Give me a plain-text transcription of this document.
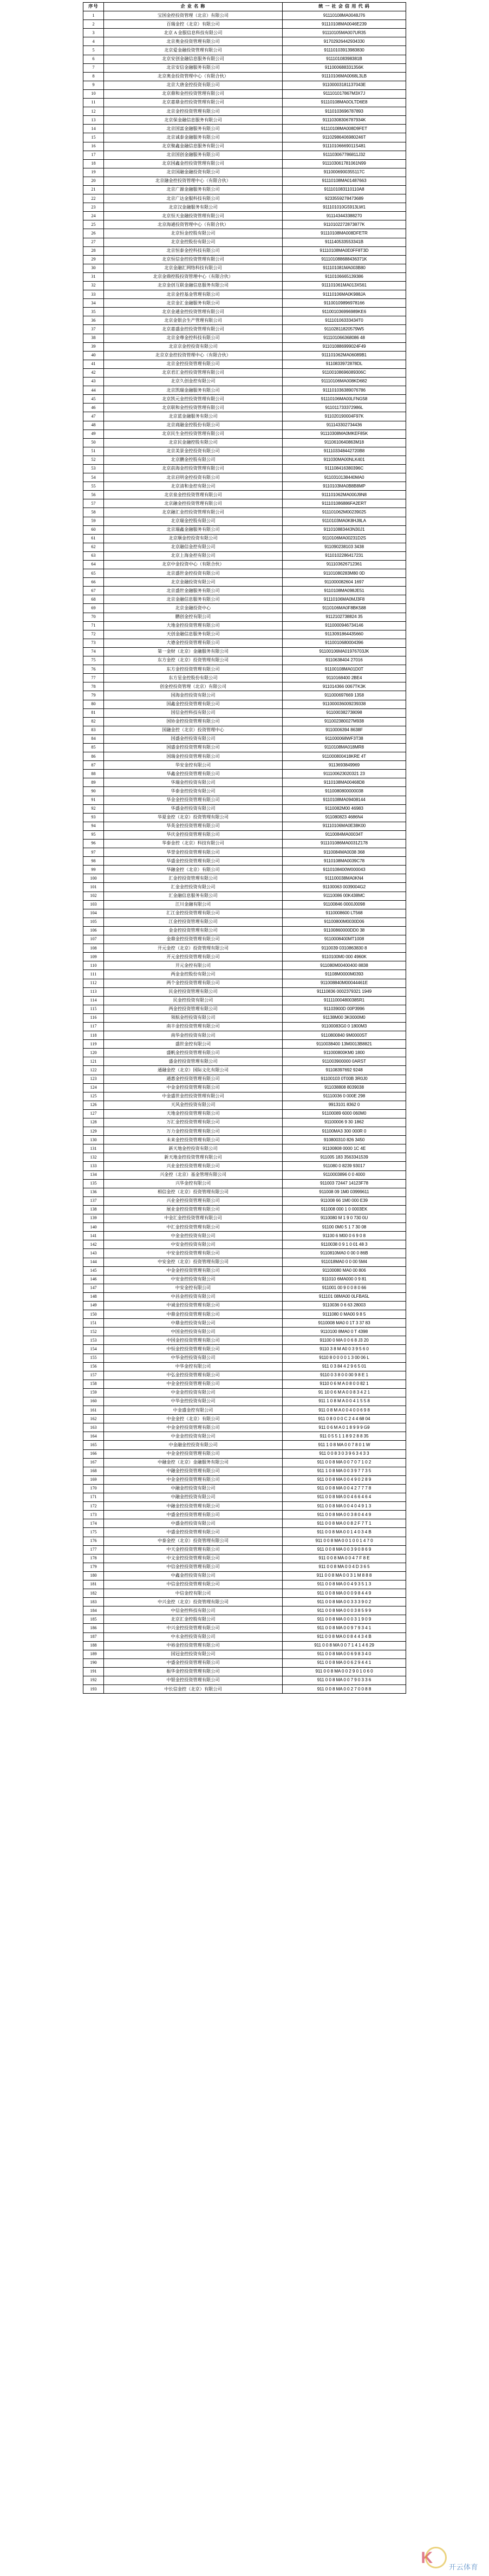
序号	企 业 名 称	统 一 社 会 信 用 代 码
1	宝国金控投资管理（北京）有限公司	91110108MA0048J76
2	百瑞金控（北京）有限公司	91110108MA0046E239
3	北京 A 金服信息科技有限公司	91110105MA007UR35
4	北京奥金投资管理有限公司	91702926442934330
5	北京爱金融投资管理有限公司	91110103913983830
6	北京安创金融信息服务有限公司	91110108398381B
7	北京安信金融服务有限公司	911000688331356K
8	北京奥金投资管理中心（有限合伙）	91110106MA0068L3LB
9	北京大唐金控投资有限公司	91100003181137043E
10	北京鼎和金控投资管理有限公司	911101017867M3X7J
11	北京嘉鼎金控投资管理有限公司	91110108MA0OLTD6E8
12	北京金控投资管理有限公司	9110103696787893
13	北京保金融信息服务有限公司	91110308306787934K
14	北京国富金融服务有限公司	91110108MA008D9FET
15	北京诚泰金融服务有限公司	91102986406980246T
16	北京聚鑫金融信息服务有限公司	91110106669011S481
17	北京国创金融服务有限公司	911103067786811J32
18	北京国鑫金控投资管理有限公司	911103061781061N99
19	北京国融金融投资有限公司	9110006900355117C
20	北京融金控投资管理中心（有限合伙）	91110108MA01487663
21	北京广源金融服务有限公司	911101083110110A8
22	北京广达金服科技有限公司	9233559278473689
23	北京汉金融服务有限公司	911101010G5913LW1
24	北京恒天金融投资管理有限公司	911143443388270
25	北京海通投资管理中心（有限合伙）	9110102272873877K
26	北京恒金控股有限公司	91110108MA008DFETR
27	北京金控股份有限公司	911140533553341B
28	北京恒泰金控科技有限公司	91110108MA0E0FF8T3D
29	北京恒信金控投资管理有限公司	911101088688436371K
30	北京金融汇网络科技有限公司	911101081MA003B80
31	北京金鼎控股投资管理中心（有限合伙）	9110106665139386
32	北京金创互联金融信息服务有限公司	911101061MA013X561
33	北京金控基金管理有限公司	91110106MA0K988JA
34	北京金汇金融服务有限公司	91100109896978166
35	北京金通金控投资管理有限公司	911001036996989KE6
36	北京金银会生产管理有限公司	91110106333434T0
37	北京嘉盛金控投资管理有限公司	91102811820579W5
38	北京金尊金控科技有限公司	911101066368086 48
39	北京京金控投资有限公司	911010886999024F49
40	北京京金控投资管理中心（有限合伙）	911101062MA06089B1
41	北京金控投资管理有限公司	9110833972878DL
42	北京君汇金控投资管理有限公司	91100108696089306C
43	北京久创金控有限公司	91110106MA008KD682
44	北京凯瑞金融服务有限公司	911101036389076786
45	北京凯元金控投资管理有限公司	91110106MA00LFNG58
46	北京联和金控投资管理有限公司	911011733372986L
47	北京蓝金融服务有限公司	911020190004F97K
48	北京商融金控股份有限公司	911143302734436
49	北京民生金控投资管理有限公司	91110308MA0MKEF85K
50	北京民金融控股有限公司	9110610640863M18
51	北京美景金控投资有限公司	911103348442720B8
52	北京鹏金控股有限公司	911030MA00NLK401
53	北京前海金控投资管理有限公司	911108416380396C
54	北京启明金控投资有限公司	9110310138440MA0
55	北京清和金控有限公司	9110103MA0B8B8MP
56	北京泉金控投资管理有限公司	911101062MA000J9N8
57	北京融金控投资管理有限公司	911101086886FA2ERT
58	北京融汇金控投资管理有限公司	911101062M00239025
59	北京瑞金控股有限公司	9110103MA0K8HJ8LA
60	北京瑞鑫金融服务有限公司	911010883443N30J1
61	北京顺金控投资有限公司	9110106MA00231D2S
62	北京融信金控有限公司	911090238103 3438
63	北京上海金控有限公司	9110102286417231
64	北京中金投资中心（有限合伙）	911103626712361
65	北京盛世金控投资有限公司	91101080283M80 0D
66	北京金融投资有限公司	911000082604 1697
67	北京盛世金融服务有限公司	9110108MA098JE51
68	北京金融信息服务有限公司	91110106MA0MJ3F8
69	北京金融投资中心	9110106MA0F8BK588
70	鹏创金控有限公司	9112102738824 35
71	大地金控投资管理有限公司	9110000946734146
72	天创金融信息服务有限公司	9113091864435660
73	大德金控投资管理有限公司	9110010680004396
74	第一金财（北京）金融服务有限公司	91100106MA01976703JK
75	东方金控（北京）投资管理有限公司	9110638404 27016
76	东方金控投资管理有限公司	91100108MA01D0T
77	东方星金控股份有限公司	9110168400 2BE4
78	创金控投资管理（北京）有限公司	911014366 0067TK3K
79	国海金控投资有限公司	911000697669 1358
80	国鑫金控投资管理有限公司	911000036009239338
81	国信金控科技有限公司	911000382738098
82	国协金控投资管理有限公司	911002380027M938
83	国融金控（北京）投资管理中心	9110006394 8638F
84	国盛金控投资有限公司	911000068WF3T38
85	国盛金控投资管理有限公司	9110108MA018MR8
86	国瑞金控投资管理有限公司	911000800418KRE 4T
87	华安金控有限公司	9113693849969
88	华鑫金控投资管理有限公司	911100623020321 23
89	华瑞金控投资有限公司	9110108MA00468D8
90	华泰金控投资有限公司	9110080800000038
91	华金金控投资管理有限公司	9110108MA09408144
92	华盛金控投资有限公司	9110082M00 46983
93	华夏金控（北京）投资管理有限公司	911080823 4686N4
94	华英金控投资管理有限公司	91110106MA0E38K00
95	华庆金控投资管理有限公司	9110084MA00034T
96	华泰金控（北京）科技有限公司	911101086MA0031Z178
97	华誉金控投资管理有限公司	9110084MA0038 368
98	华盛金控投资管理有限公司	9110108MA0039C78
99	华融金控（北京）有限公司	9110108400W000043
100	汇金控投资管理有限公司	911100038MA0KN4
101	汇金金控投资有限公司	91100063 0039004G2
102	汇金融信息服务有限公司	91110086 00K438MC
103	江川金融有限公司	91100846 0000J0098
104	汇江金控投资管理有限公司	9110008600 LT568
105	江金控投资管理有限公司	91100800M0030D06
106	金金控投资管理有限公司	91100860000DD0 38
107	金鼎金控投资管理有限公司	9110008400MT1008
108	开元金控（北京）投资管理有限公司	9110039 0310863830 8
109	开元金控投资管理有限公司	9110100M0 000 4960K
110	开元金控有限公司	911080M00400400 8838
111	两金金控股份有限公司	91108M0000M0393
112	两个金控投资管理有限公司	911008840M00044461E
113	民金控投资管理有限公司	91110836 0002379321 1949
114	民金控投资有限公司	911110004800385R1
115	两金控投资管理有限公司	91103900D 00P3996
116	领航金控投资有限公司	91138M00 3K0000M0
117	南丰金控投资管理有限公司	91100083G0 0 1800M3
118	南华金控投资有限公司	9110800840 9M0000ST
119	盛世金控有限公司	9110038400 13M0013B8821
120	盛帆金控投资管理有限公司	911000800KM0 1800
121	盛金控投资管理有限公司	911003900000 0ARST
122	通融金控（北京）国际文化有限公司	91108397692 9248
123	通惠金控投资管理有限公司	91100103 0T00B 3R0J0
124	中金金控投资管理有限公司	911038808 8039038
125	中金盛世金控投资管理有限公司	91110036 0 000E 298
126	天风金控投资有限公司	9913101 8362 0
127	天地金控投资管理有限公司	91100089 6000 060M0
128	万汇金控投资管理有限公司	91100006 9 30 1862
129	万力金控投资管理有限公司	91100MA3 300 000R 0
130	未来金控投资管理有限公司	910800310 826 3450
131	新天地金控投资有限公司	91100808 0000 1C 4E
132	新天地金控投资管理有限公司	911005 183 3563341539
133	兴业金控投资管理有限公司	911080 0 8239 93017
134	兴金控（北京）基金管理有限公司	9110003896 0 0 4000
135	兴华金控有限公司	911003 72447 14123F78
136	相信金控（北京）投资管理有限公司	911008 09 1M0 03999611
137	兴业金控投资管理有限公司	911008 66 1M0 000 E39
138	展业金控投资管理有限公司	911008 000 1 0 0003EK
139	中金汇金控投资管理有限公司	9110080 M 1 9 0 730 0U
140	中汇金控投资管理有限公司	91100 0M0 5 1 7 30 08
141	中金金控投资有限公司	91100 6 M00 0 6 9 0 8
142	中安金控投资有限公司	9110038 0 9 1 0 01 48 3
143	中安金控投资管理有限公司	9110810MA0 0 00 0 86B
144	中安金控（北京）投资管理有限公司	911018MA0 0 0 00 5M4
145	中金金控投资管理有限公司	91100080 MA0 00 806
146	中安金控投资有限公司	911010 6MA000 0 9 81
147	中安金控有限公司	911001 00 9 0 0 8 0 66
148	中昌金控投资有限公司	911101 08MA00 0LFBA5L
149	中诚金控投资管理有限公司	9110036 0 6 63 28003
150	中鼎金控投资管理有限公司	9111080 0 MA00 9 8 5
151	中鼎金控投资有限公司	9110008 MA0 0 1T 3 37 83
152	中国金控投资有限公司	9110100 8MA0 0 T 4398
153	中国金控投资管理有限公司	91100 0 MA 0 0 6 8 J3 20
154	中恒金控投资管理有限公司	9110 3 8 M A0 0 3 9 5 6 0
155	中华金控投资有限公司	9110 8 0 0 0 0 1 3 00 06 L
156	中华金控有限公司	911 0 3 84 4 2 9 6 5 01
157	中弘金控投资管理有限公司	9110 0 3 8 0 0 00 9 8 E 1
158	中金金控投资管理有限公司	9110 0 6 M A 0 8 0 0 82 1
159	中金金控投资有限公司	91 10 0 6 M A 0 0 8 3 4 2 1
160	中华金控投资有限公司	911 1 0 8 M A 0 0 4 1 5 5 8
161	中金盛金控有限公司	911 0 8 M A 0 0 4 0 0 6 9 8
162	中金金控（北京）有限公司	911 0 8 0 0 0 C 2 4 4 68 04
163	中金金控投资管理有限公司	911 0 6 M A 0 1 8 9 9 9 G9
164	中金金控投资有限公司	911 0 5 5 1 1 8 9 2 8 8 35
165	中金融金控投资有限公司	911 1 0 8 MA 0 0 7 8 0 1 W
166	中金金控投资管理有限公司	911 0 0 8 3 0 3 9 6 3 4 3 3
167	中融金控（北京）金融服务有限公司	911 0 0 8 MA 0 0 7 0 7 1 0 2
168	中融金控投资管理有限公司	911 1 0 8 MA 0 0 3 9 7 7 3 5
169	中金金控投资管理有限公司	911 0 0 8 MA 0 0 4 9 0 2 8 9
170	中融金控投资有限公司	911 0 0 8 MA 0 0 4 2 7 7 7 8
171	中融金控投资有限公司	911 0 0 8 MA 0 0 4 6 6 4 6 4
172	中融金控投资管理有限公司	911 0 0 8 MA 0 0 4 0 4 9 1 3
173	中盛金控投资管理有限公司	911 0 0 8 MA 0 0 3 8 0 4 4 9
174	中盛金控投资有限公司	911 0 0 8 MA 0 0 8 2 F 7 T 1
175	中盛金控投资管理有限公司	911 0 0 8 MA 0 0 1 4 0 3 4 B
176	中泰金控（北京）投资管理有限公司	911 0 0 8 MA 0 0 1 0 0 1 4 7 0
177	中天金控投资管理有限公司	911 0 0 8 MA 0 0 3 9 0 8 6 9
178	中文金控投资管理有限公司	911 0 0 8 MA 0 0 4 7 F 8 E
179	中信金控投资管理有限公司	911 0 0 8 MA 0 0 4 D 3 6 5
180	中鑫金控投资有限公司	911 0 0 8 MA 0 0 3 1 M 8 8 8
181	中信金控投资管理有限公司	911 0 0 8 MA 0 0 4 9 3 5 1 3
182	中信金控有限公司	911 0 0 8 MA 0 0 0 9 8 4 4 9
183	中兴金控（北京）投资管理有限公司	911 0 0 8 MA 0 0 3 3 3 9 0 2
184	中信金控科技有限公司	911 0 0 8 MA 0 0 0 3 8 5 9 9
185	北京汇金控股有限公司	911 0 0 8 MA 0 0 0 3 1 9 0 9
186	中兴金控投资管理有限公司	911 0 0 8 MA 0 0 9 7 9 3 4 1
187	中永金控投资有限公司	911 0 0 8 MA 0 0 8 4 4 3 4 B
188	中裕金控投资管理有限公司	911 0 0 8 MA 0 0 7 1 4 1 4 6 29
189	国冠金控投资有限公司	911 0 0 8 MA 0 0 6 9 8 3 4 0
190	中盛金控投资管理有限公司	911 0 0 8 MA 0 0 6 2 9 4 4 1
191	振华金控投资管理有限公司	911 0 0 8 MA 0 0 2 9 0 1 0 6 0
192	中银金控投资管理有限公司	911 0 0 8 MA 0 0 7 9 0 3 3 6
193	中长信金控（北京）有限公司	911 0 0 8 MA 0 0 2 7 0 0 8 8
K
开云体育
